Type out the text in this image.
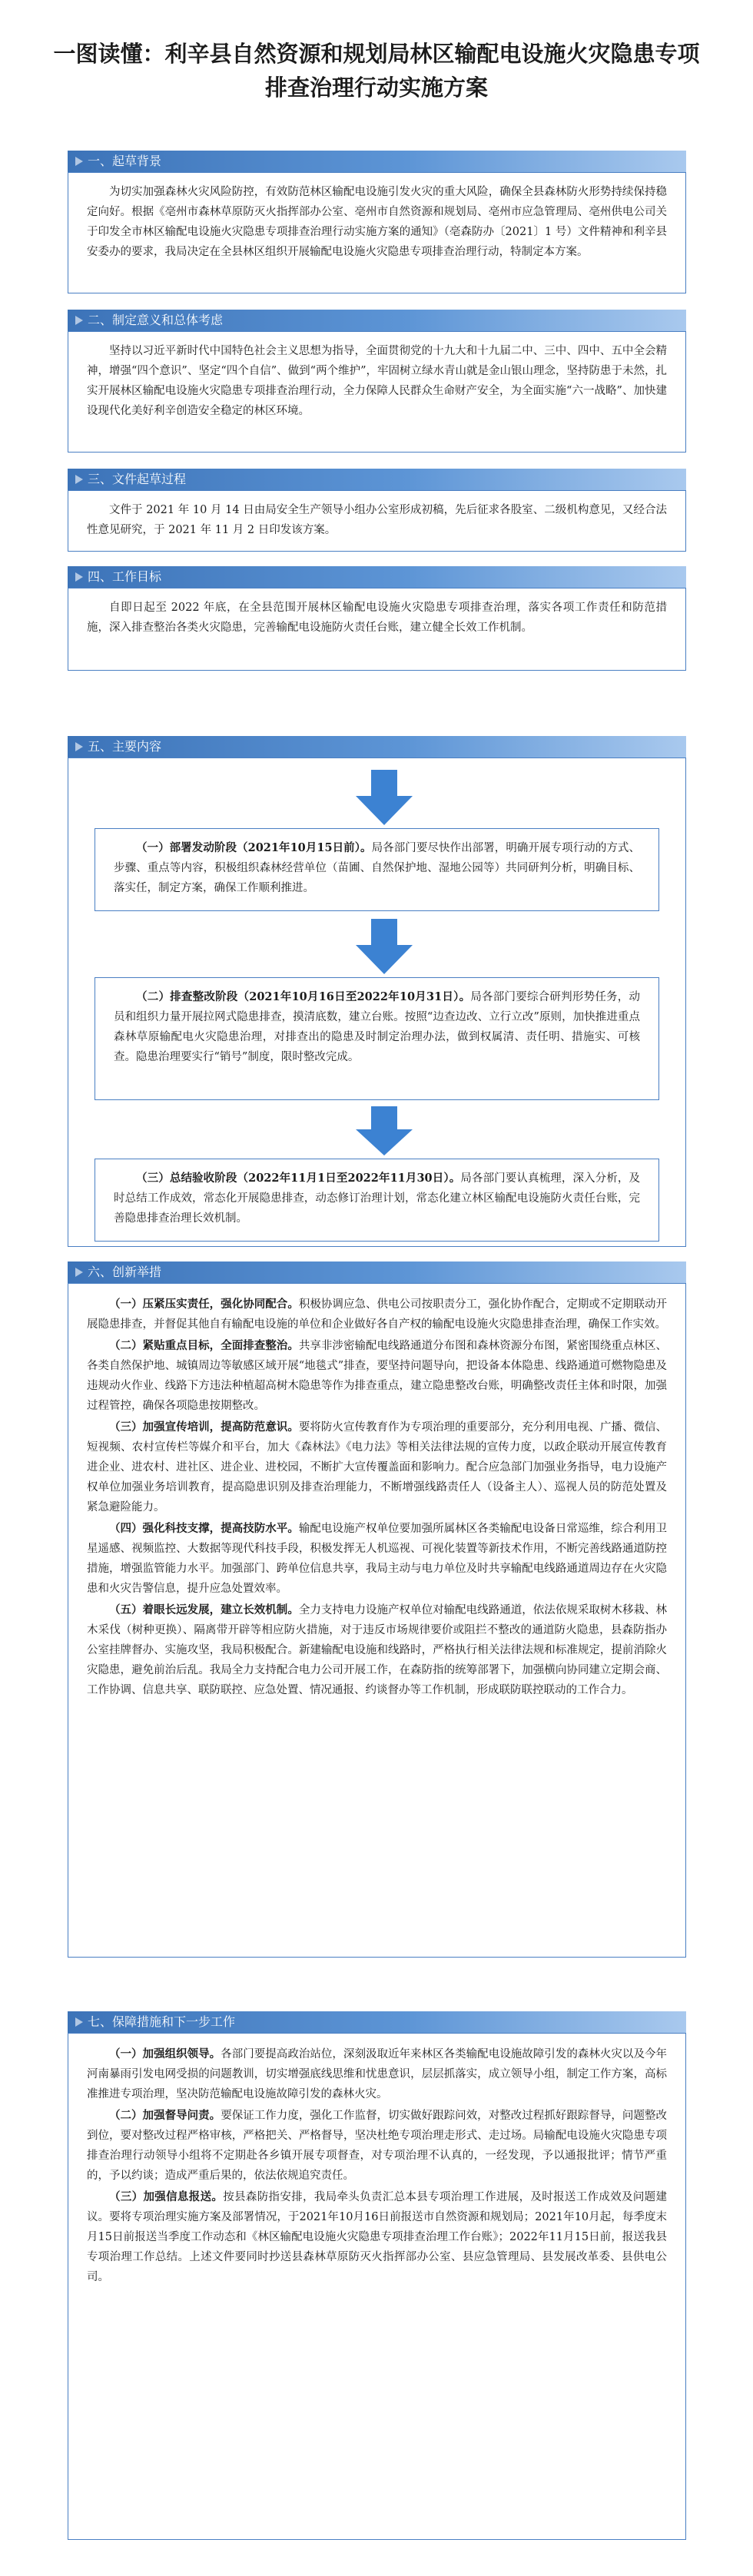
一图读懂：利辛县自然资源和规划局林区输配电设施火灾隐患专项
排查治理行动实施方案
一、起草背景

为切实加强森林火灾风险防控，有效防范林区输配电设施引发火灾的重大风险，确保全县森林防火形势持续保持稳定向好。根据《亳州市森林草原防灭火指挥部办公室、亳州市自然资源和规划局、亳州市应急管理局、亳州供电公司关于印发全市林区输配电设施火灾隐患专项排查治理行动实施方案的通知》（亳森防办〔2021〕1 号）文件精神和利辛县安委办的要求，我局决定在全县林区组织开展输配电设施火灾隐患专项排查治理行动，特制定本方案。

二、制定意义和总体考虑

坚持以习近平新时代中国特色社会主义思想为指导，全面贯彻党的十九大和十九届二中、三中、四中、五中全会精神，增强“四个意识”、坚定“四个自信”、做到“两个维护”，牢固树立绿水青山就是金山银山理念，坚持防患于未然，扎实开展林区输配电设施火灾隐患专项排查治理行动，全力保障人民群众生命财产安全，为全面实施“六一战略”、加快建设现代化美好利辛创造安全稳定的林区环境。

三、文件起草过程

文件于 2021 年 10 月 14 日由局安全生产领导小组办公室形成初稿，先后征求各股室、二级机构意见，又经合法性意见研究，于 2021 年 11 月 2 日印发该方案。

四、工作目标

自即日起至 2022 年底，在全县范围开展林区输配电设施火灾隐患专项排查治理，落实各项工作责任和防范措施，深入排查整治各类火灾隐患，完善输配电设施防火责任台账，建立健全长效工作机制。

五、主要内容

（一）部署发动阶段（2021年10月15日前）。局各部门要尽快作出部署，明确开展专项行动的方式、步骤、重点等内容，积极组织森林经营单位（苗圃、自然保护地、湿地公园等）共同研判分析，明确目标、落实任，制定方案，确保工作顺利推进。

（二）排查整改阶段（2021年10月16日至2022年10月31日）。局各部门要综合研判形势任务，动员和组织力量开展拉网式隐患排查，摸清底数，建立台账。按照“边查边改、立行立改”原则，加快推进重点森林草原输配电火灾隐患治理，对排查出的隐患及时制定治理办法，做到权属清、责任明、措施实、可核查。隐患治理要实行“销号”制度，限时整改完成。

（三）总结验收阶段（2022年11月1日至2022年11月30日）。局各部门要认真梳理，深入分析，及时总结工作成效，常态化开展隐患排查，动态修订治理计划，常态化建立林区输配电设施防火责任台账，完善隐患排查治理长效机制。

六、创新举措

（一）压紧压实责任，强化协同配合。积极协调应急、供电公司按职责分工，强化协作配合，定期或不定期联动开展隐患排查，并督促其他自有输配电设施的单位和企业做好各自产权的输配电设施火灾隐患排查治理，确保工作实效。

（二）紧贴重点目标，全面排查整治。共享非涉密输配电线路通道分布图和森林资源分布图，紧密围绕重点林区、各类自然保护地、城镇周边等敏感区域开展“地毯式”排查，要坚持问题导向，把设备本体隐患、线路通道可燃物隐患及违规动火作业、线路下方违法种植超高树木隐患等作为排查重点，建立隐患整改台账，明确整改责任主体和时限，加强过程管控，确保各项隐患按期整改。

（三）加强宣传培训，提高防范意识。要将防火宣传教育作为专项治理的重要部分，充分利用电视、广播、微信、短视频、农村宣传栏等媒介和平台，加大《森林法》《电力法》等相关法律法规的宣传力度，以政企联动开展宣传教育进企业、进农村、进社区、进企业、进校园，不断扩大宣传覆盖面和影响力。配合应急部门加强业务指导，电力设施产权单位加强业务培训教育，提高隐患识别及排查治理能力，不断增强线路责任人（设备主人）、巡视人员的防范处置及紧急避险能力。

（四）强化科技支撑，提高技防水平。输配电设施产权单位要加强所属林区各类输配电设备日常巡维，综合利用卫星遥感、视频监控、大数据等现代科技手段，积极发挥无人机巡视、可视化装置等新技术作用，不断完善线路通道防控措施，增强监管能力水平。加强部门、跨单位信息共享，我局主动与电力单位及时共享输配电线路通道周边存在火灾隐患和火灾告警信息，提升应急处置效率。

（五）着眼长远发展，建立长效机制。全力支持电力设施产权单位对输配电线路通道，依法依规采取树木移栽、林木采伐（树种更换）、隔离带开辟等相应防火措施，对于违反市场规律要价或阻拦不整改的通道防火隐患，县森防指办公室挂牌督办、实施攻坚，我局积极配合。新建输配电设施和线路时，严格执行相关法律法规和标准规定，提前消除火灾隐患，避免前治后乱。我局全力支持配合电力公司开展工作，在森防指的统筹部署下，加强横向协同建立定期会商、工作协调、信息共享、联防联控、应急处置、情况通报、约谈督办等工作机制，形成联防联控联动的工作合力。

七、保障措施和下一步工作

（一）加强组织领导。各部门要提高政治站位，深刻汲取近年来林区各类输配电设施故障引发的森林火灾以及今年河南暴雨引发电网受损的问题教训，切实增强底线思维和忧患意识，层层抓落实，成立领导小组，制定工作方案，高标准推进专项治理，坚决防范输配电设施故障引发的森林火灾。

（二）加强督导问责。要保证工作力度，强化工作监督，切实做好跟踪问效，对整改过程抓好跟踪督导，问题整改到位，要对整改过程严格审核，严格把关、严格督导，坚决杜绝专项治理走形式、走过场。局输配电设施火灾隐患专项排查治理行动领导小组将不定期赴各乡镇开展专项督查，对专项治理不认真的，一经发现，予以通报批评；情节严重的，予以约谈；造成严重后果的，依法依规追究责任。

（三）加强信息报送。按县森防指安排，我局牵头负责汇总本县专项治理工作进展，及时报送工作成效及问题建议。要将专项治理实施方案及部署情况，于2021年10月16日前报送市自然资源和规划局；2021年10月起，每季度末月15日前报送当季度工作动态和《林区输配电设施火灾隐患专项排查治理工作台账》；2022年11月15日前，报送我县专项治理工作总结。上述文件要同时抄送县森林草原防灭火指挥部办公室、县应急管理局、县发展改革委、县供电公司。
